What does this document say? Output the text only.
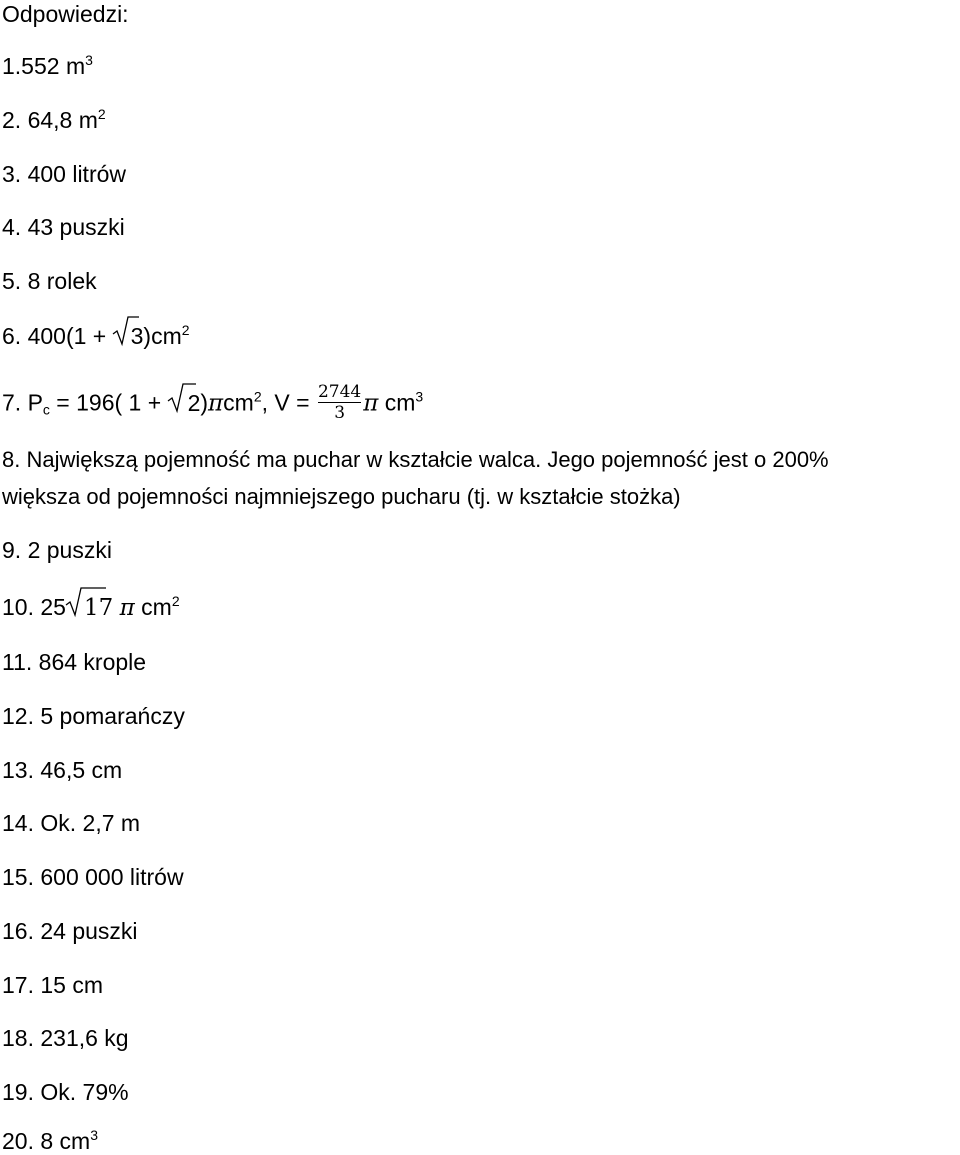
Odpowiedzi:
1.552 $m^3$
2. 64,8 $m^2$
3. 400 litrów
4. 43 puszki
5. 8 rolek
6. 400(1 +
$3)cm^2$
7. $P_c = 196$( 1 +
2)πcm$^2$, $V = \frac{2744}{3}$ π $cm^3$
8. Największą pojemność ma puchar w kształcie walca. Jego pojemność jest o 200%
większa od pojemności najmniejszego pucharu (tj. w kształcie stożka)
9. 2 puszki
10. 25 17 π $cm^2$
11. 864 krople
12. 5 pomarańczy
13. 46,5 cm
14. Ok. 2,7 m
15. 600 000 litrów
16. 24 puszki
17. 15 cm
18. 231,6 kg
19. Ok. 79%
20. 8 $cm^3$
